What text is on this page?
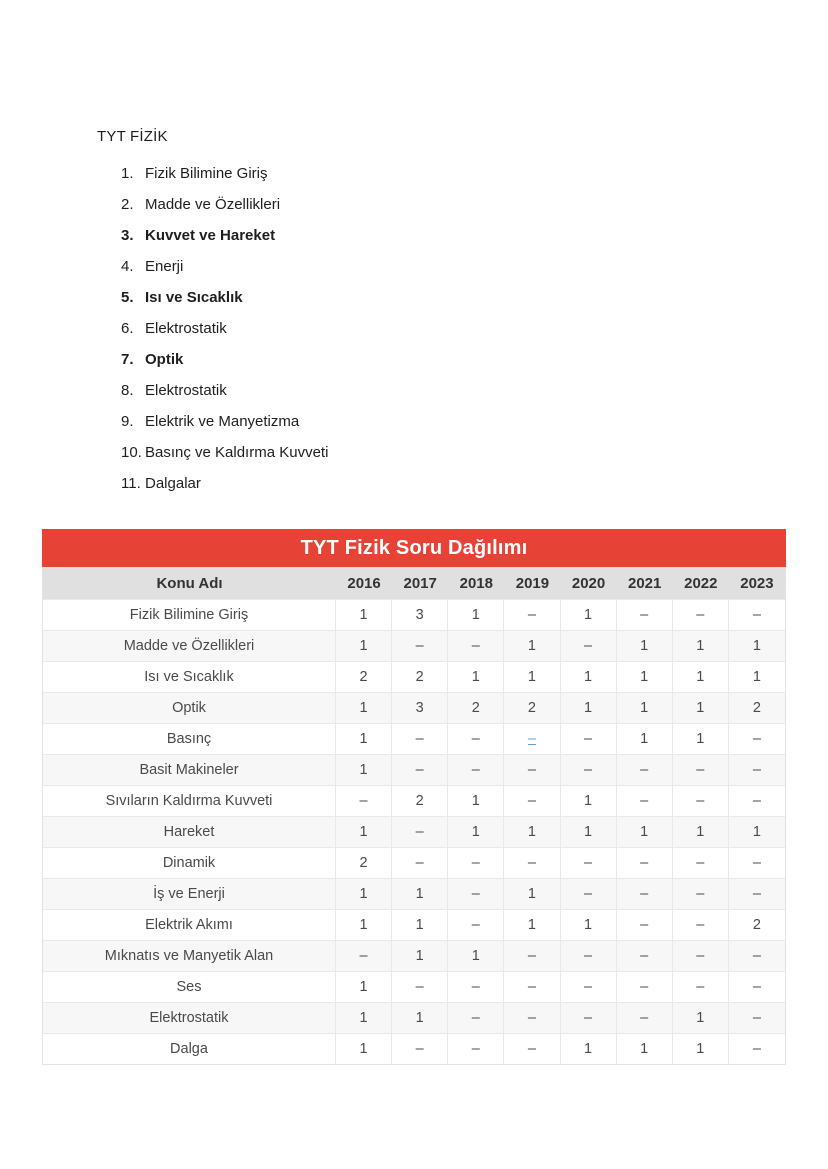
TYT FİZİK
1. Fizik Bilimine Giriş
2. Madde ve Özellikleri
3. Kuvvet ve Hareket
4. Enerji
5. Isı ve Sıcaklık
6. Elektrostatik
7. Optik
8. Elektrostatik
9. Elektrik ve Manyetizma
10. Basınç ve Kaldırma Kuvveti
11. Dalgalar
TYT Fizik Soru Dağılımı
Konu Adı	2016	2017	2018	2019	2020	2021	2022	2023
Fizik Bilimine Giriş	1	3	1	–	1	–	–	–
Madde ve Özellikleri	1	–	–	1	–	1	1	1
Isı ve Sıcaklık	2	2	1	1	1	1	1	1
Optik	1	3	2	2	1	1	1	2
Basınç	1	–	–	–	–	1	1	–
Basit Makineler	1	–	–	–	–	–	–	–
Sıvıların Kaldırma Kuvveti	–	2	1	–	1	–	–	–
Hareket	1	–	1	1	1	1	1	1
Dinamik	2	–	–	–	–	–	–	–
İş ve Enerji	1	1	–	1	–	–	–	–
Elektrik Akımı	1	1	–	1	1	–	–	2
Mıknatıs ve Manyetik Alan	–	1	1	–	–	–	–	–
Ses	1	–	–	–	–	–	–	–
Elektrostatik	1	1	–	–	–	–	1	–
Dalga	1	–	–	–	1	1	1	–
